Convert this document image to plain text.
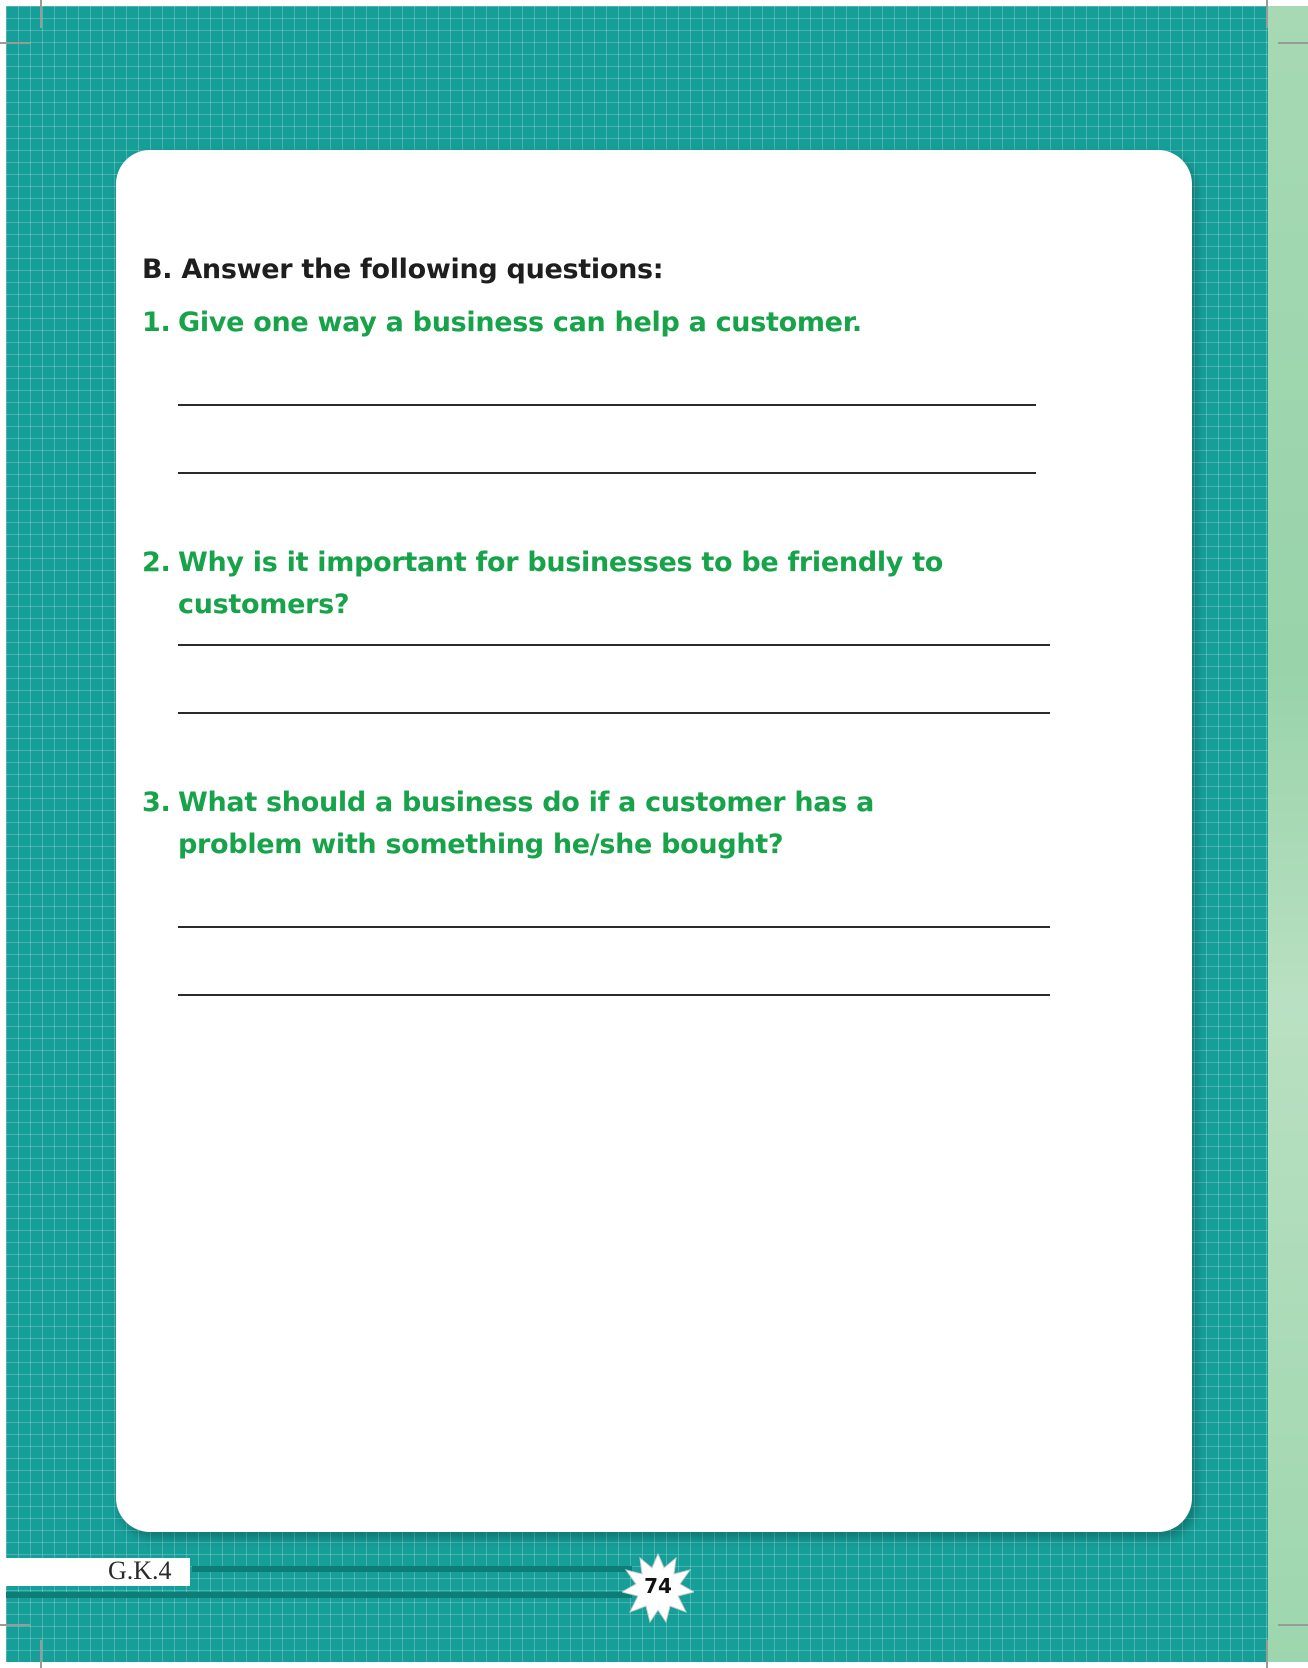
B. Answer the following questions:
1. Give one way a business can help a customer.
2. Why is it important for businesses to be friendly to customers?
3. What should a business do if a customer has a problem with something he/she bought?
G.K.4
74
